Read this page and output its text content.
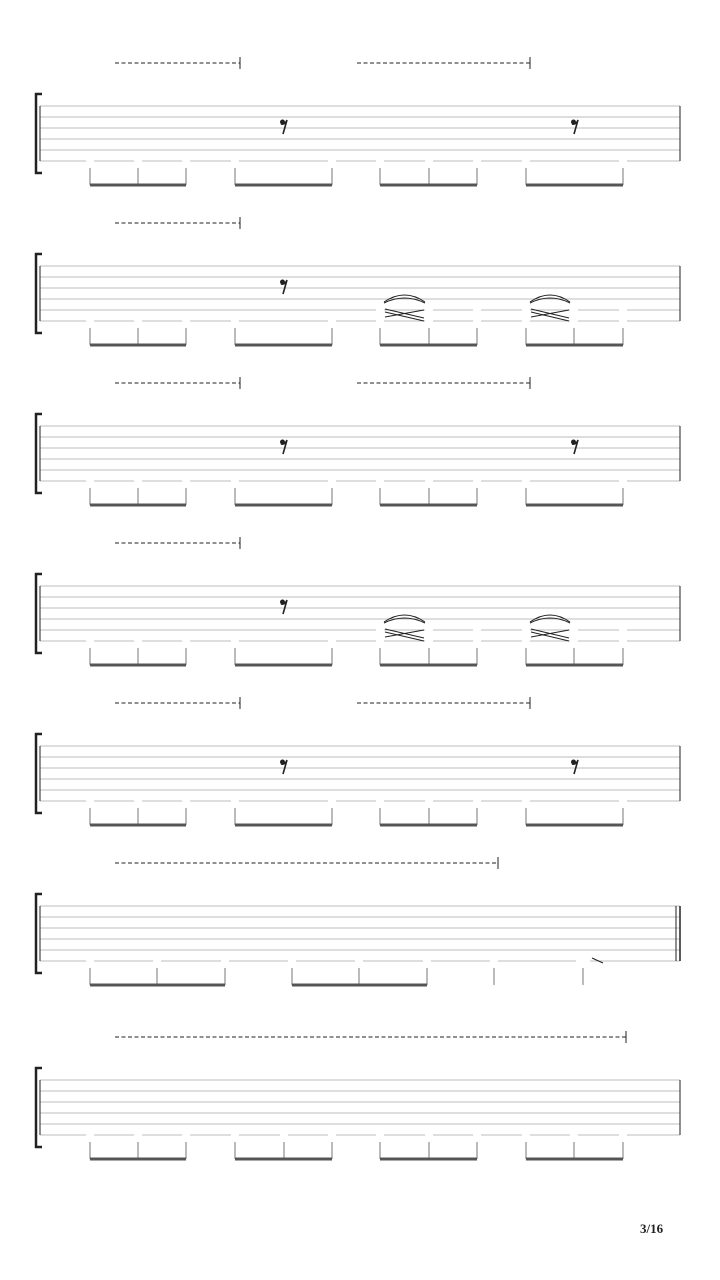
3/16
